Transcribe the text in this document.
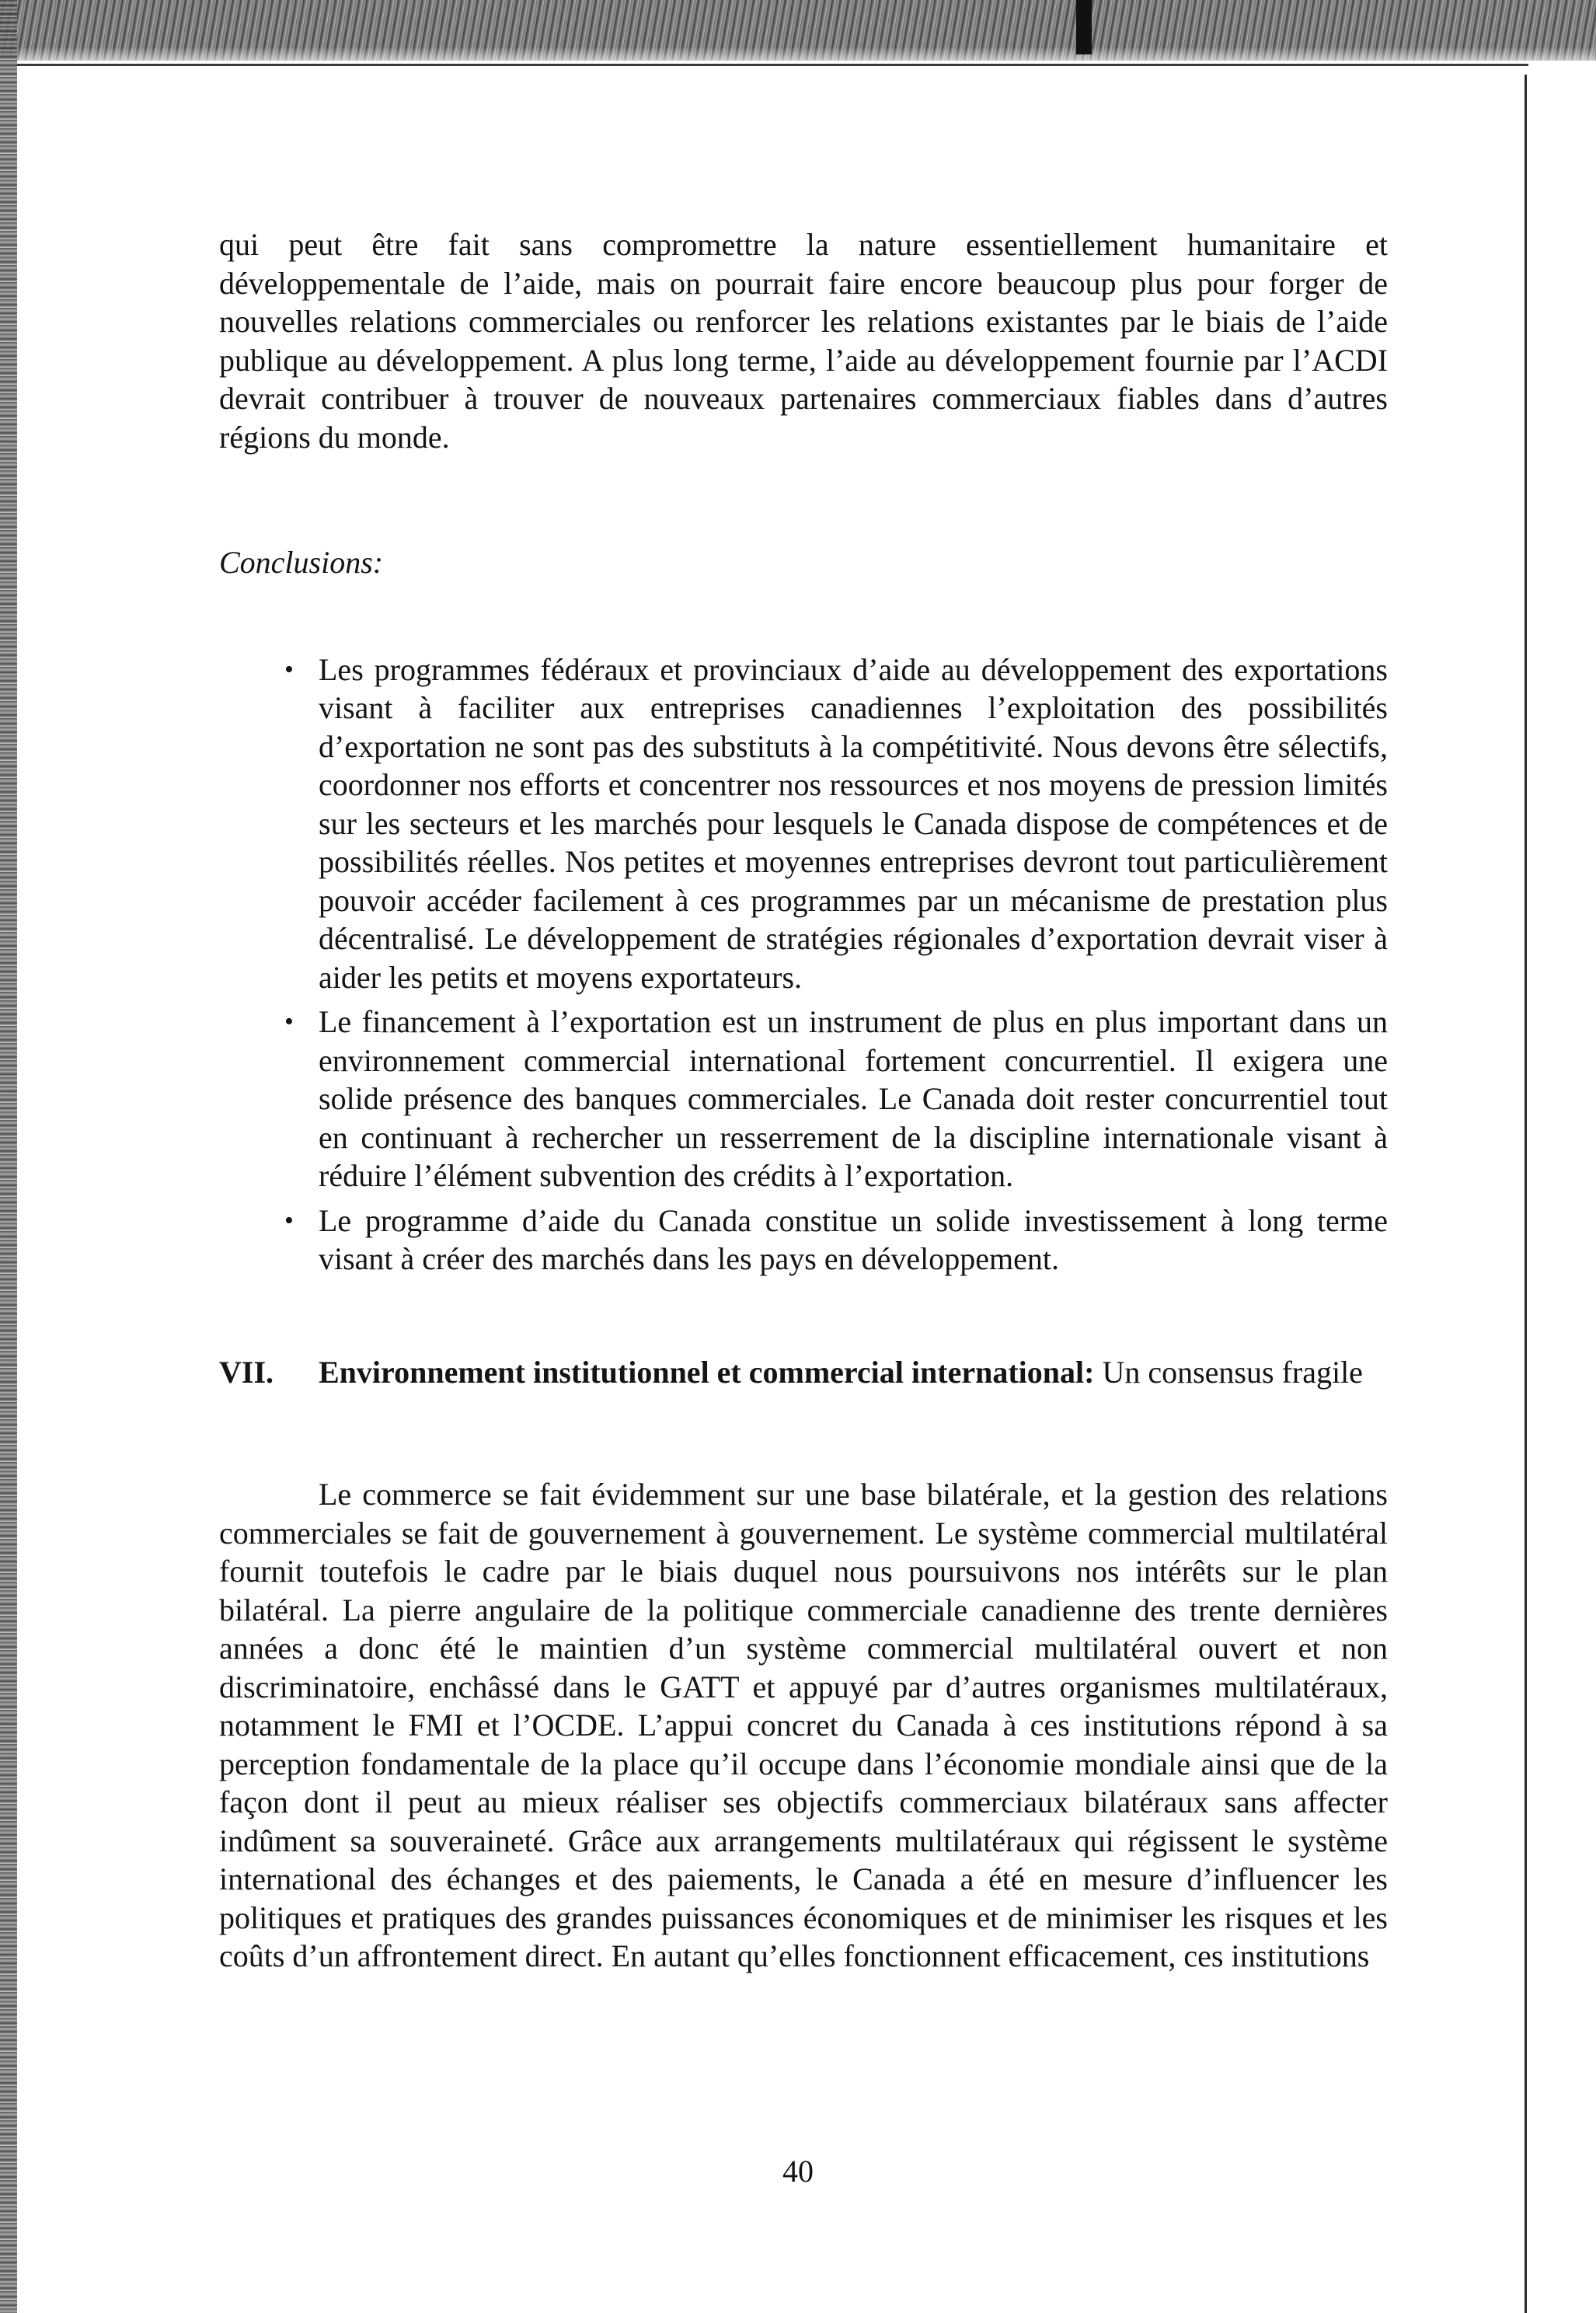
qui peut être fait sans compromettre la nature essentiellement humanitaire et développementale de l’aide, mais on pourrait faire encore beaucoup plus pour forger de nouvelles relations commerciales ou renforcer les relations existantes par le biais de l’aide publique au développement. A plus long terme, l’aide au développement fournie par l’ACDI devrait contribuer à trouver de nouveaux partenaires commerciaux fiables dans d’autres régions du monde.

Conclusions:

• Les programmes fédéraux et provinciaux d’aide au développement des exportations visant à faciliter aux entreprises canadiennes l’exploitation des possibilités d’exportation ne sont pas des substituts à la compétitivité. Nous devons être sélectifs, coordonner nos efforts et concentrer nos ressources et nos moyens de pression limités sur les secteurs et les marchés pour lesquels le Canada dispose de compétences et de possibilités réelles. Nos petites et moyennes entreprises devront tout particulièrement pouvoir accéder facilement à ces programmes par un mécanisme de prestation plus décentralisé. Le développement de stratégies régionales d’exportation devrait viser à aider les petits et moyens exportateurs.
• Le financement à l’exportation est un instrument de plus en plus important dans un environnement commercial international fortement concurrentiel. Il exigera une solide présence des banques commerciales. Le Canada doit rester concurrentiel tout en continuant à rechercher un resserrement de la discipline internationale visant à réduire l’élément subvention des crédits à l’exportation.
• Le programme d’aide du Canada constitue un solide investissement à long terme visant à créer des marchés dans les pays en développement.
VII.	Environnement institutionnel et commercial international: Un consensus fragile

Le commerce se fait évidemment sur une base bilatérale, et la gestion des relations commerciales se fait de gouvernement à gouvernement. Le système commercial multilatéral fournit toutefois le cadre par le biais duquel nous poursuivons nos intérêts sur le plan bilatéral. La pierre angulaire de la politique commerciale canadienne des trente dernières années a donc été le maintien d’un système commercial multilatéral ouvert et non discriminatoire, enchâssé dans le GATT et appuyé par d’autres organismes multilatéraux, notamment le FMI et l’OCDE. L’appui concret du Canada à ces institutions répond à sa perception fondamentale de la place qu’il occupe dans l’économie mondiale ainsi que de la façon dont il peut au mieux réaliser ses objectifs commerciaux bilatéraux sans affecter indûment sa souveraineté. Grâce aux arrangements multilatéraux qui régissent le système international des échanges et des paiements, le Canada a été en mesure d’influencer les politiques et pratiques des grandes puissances économiques et de minimiser les risques et les coûts d’un affrontement direct. En autant qu’elles fonctionnent efficacement, ces institutions

40
